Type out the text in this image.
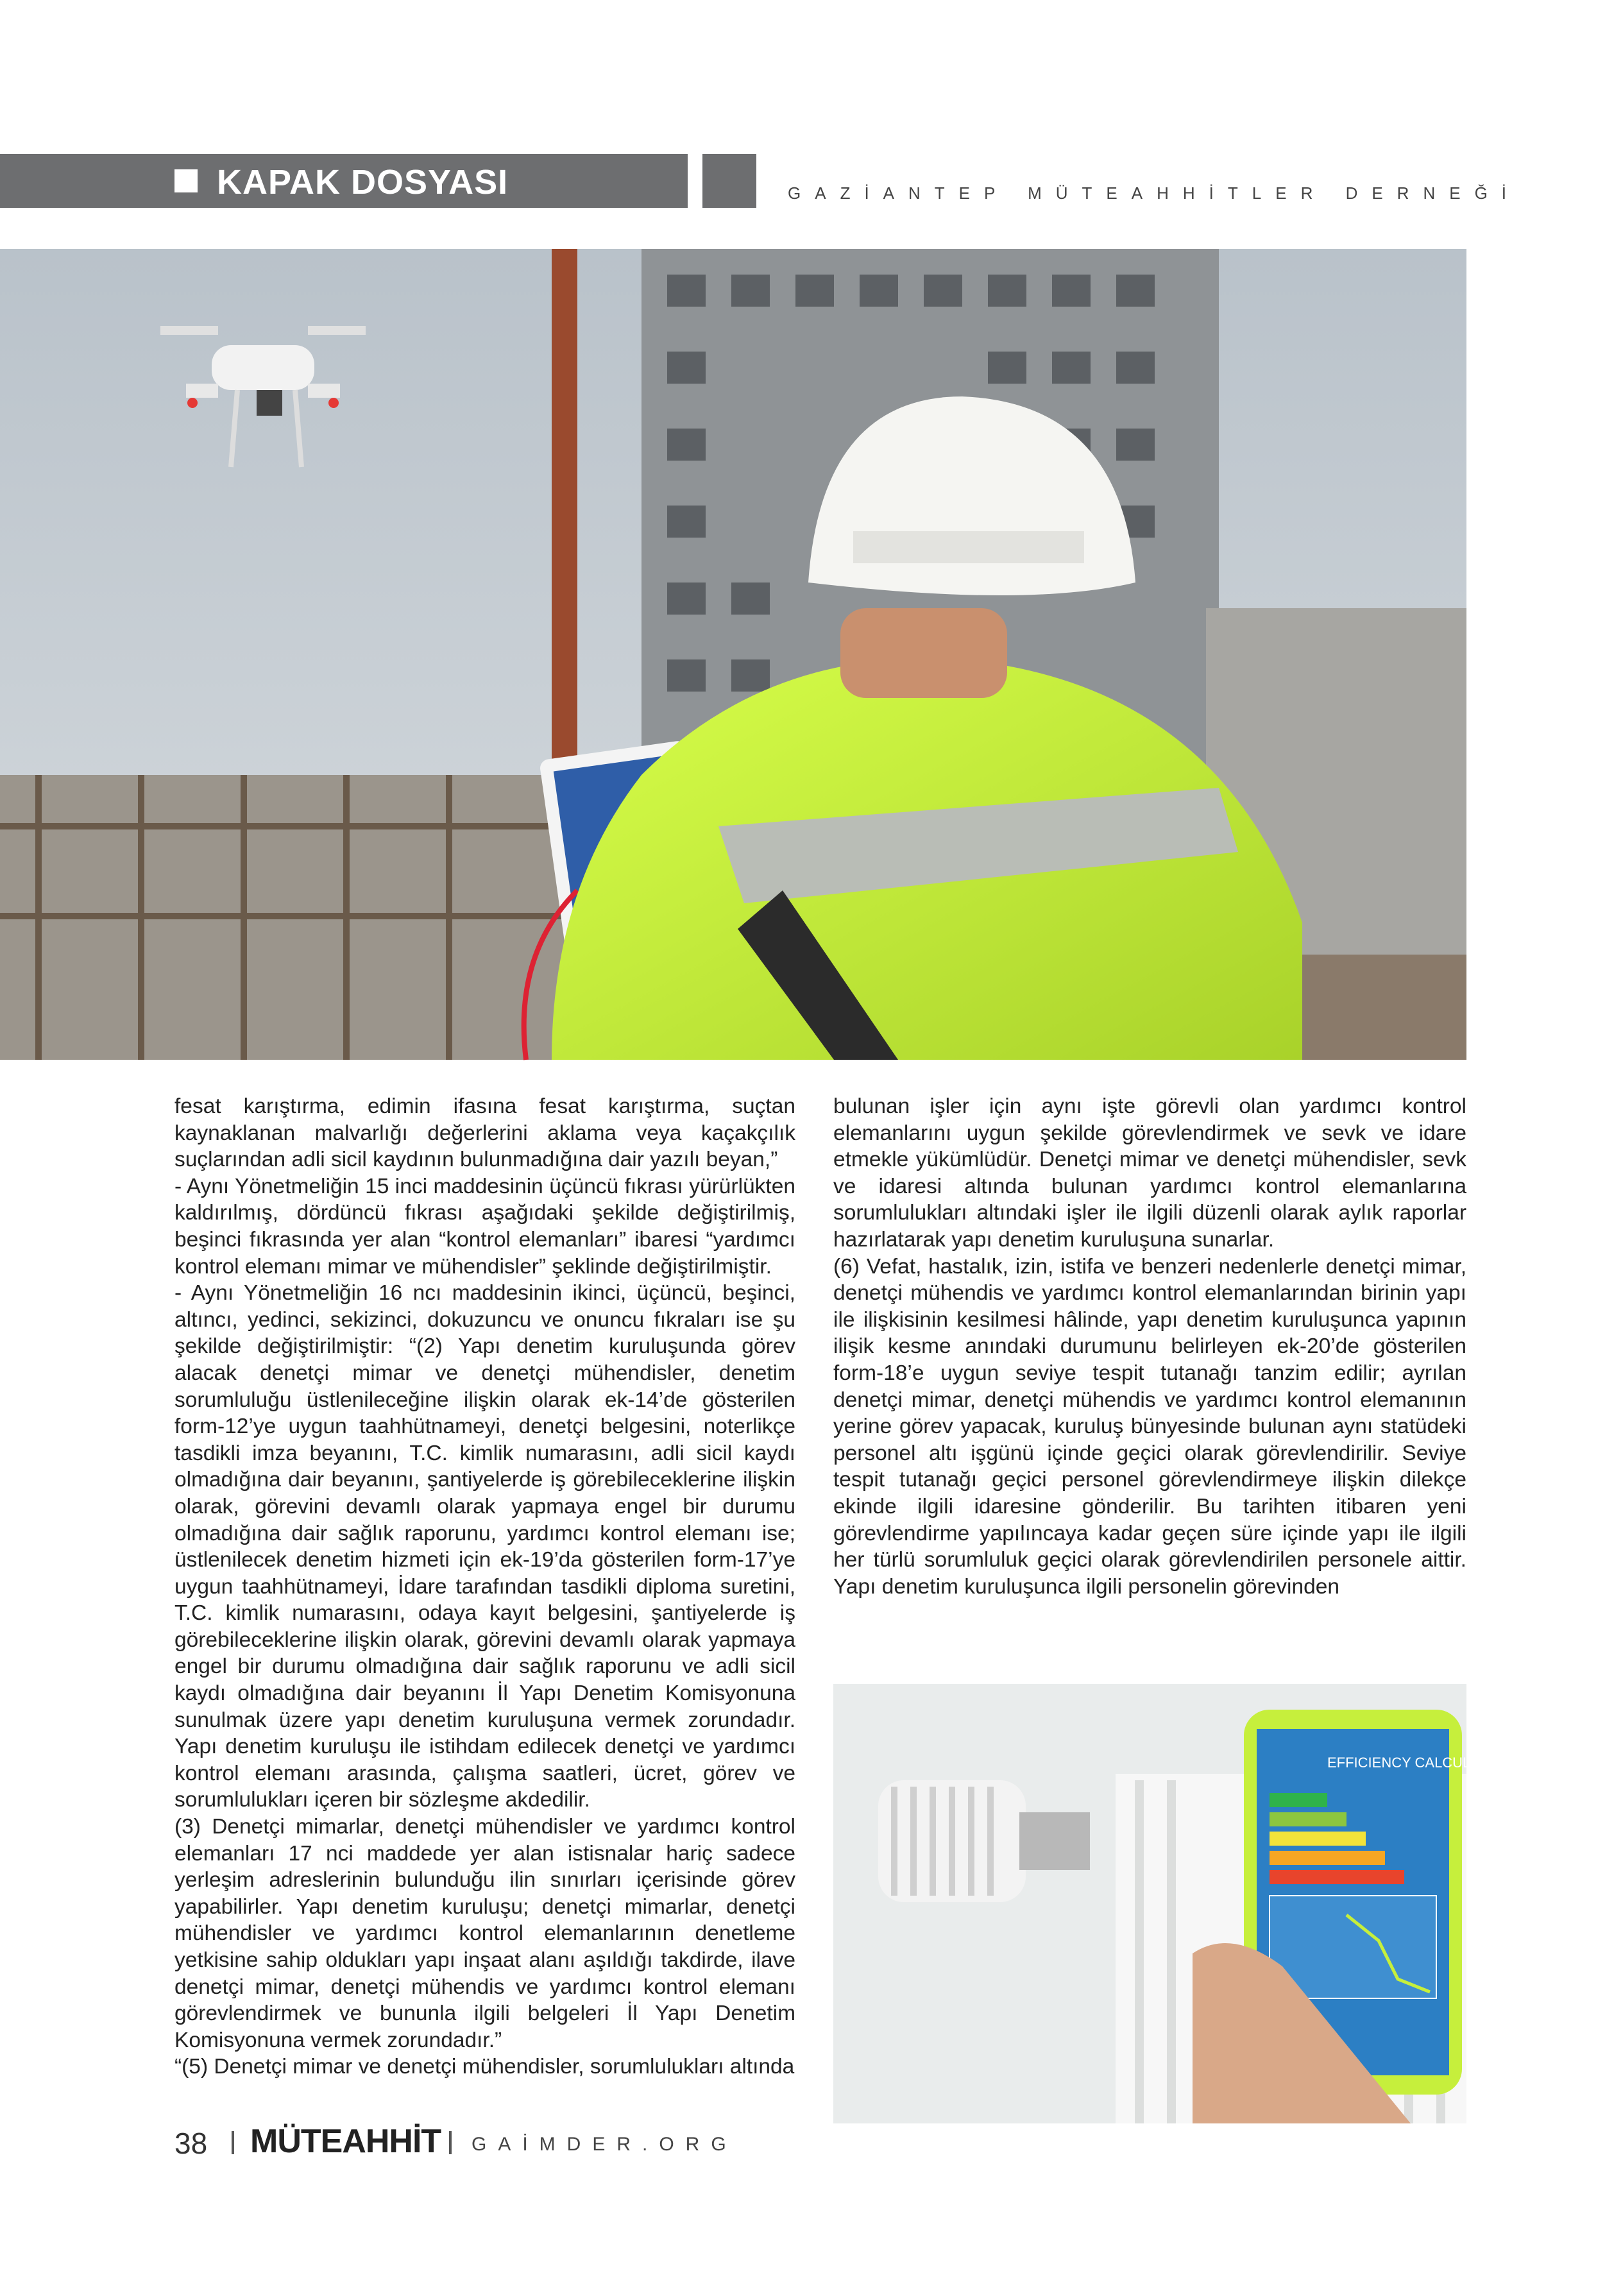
KAPAK DOSYASI	GAZİANTEP MÜTEAHHİTLER DERNEĞİ

fesat karıştırma, edimin ifasına fesat karıştırma, suçtan kaynaklanan malvarlığı değerlerini aklama veya kaçakçılık suçlarından adli sicil kaydının bulunmadığına dair yazılı beyan,”

- Aynı Yönetmeliğin 15 inci maddesinin üçüncü fıkrası yürürlükten kaldırılmış, dördüncü fıkrası aşağıdaki şekilde değiştirilmiş, beşinci fıkrasında yer alan “kontrol elemanları” ibaresi “yardımcı kontrol elemanı mimar ve mühendisler” şeklinde değiştirilmiştir.

- Aynı Yönetmeliğin 16 ncı maddesinin ikinci, üçüncü, beşinci, altıncı, yedinci, sekizinci, dokuzuncu ve onuncu fıkraları ise şu şekilde değiştirilmiştir: “(2) Yapı denetim kuruluşunda görev alacak denetçi mimar ve denetçi mühendisler, denetim sorumluluğu üstlenileceğine ilişkin olarak ek-14’de gösterilen form-12’ye uygun taahhütnameyi, denetçi belgesini, noterlikçe tasdikli imza beyanını, T.C. kimlik numarasını, adli sicil kaydı olmadığına dair beyanını, şantiyelerde iş görebileceklerine ilişkin olarak, görevini devamlı olarak yapmaya engel bir durumu olmadığına dair sağlık raporunu, yardımcı kontrol elemanı ise; üstlenilecek denetim hizmeti için ek-19’da gösterilen form-17’ye uygun taahhütnameyi, İdare tarafından tasdikli diploma suretini, T.C. kimlik numarasını, odaya kayıt belgesini, şantiyelerde iş görebileceklerine ilişkin olarak, görevini devamlı olarak yapmaya engel bir durumu olmadığına dair sağlık raporunu ve adli sicil kaydı olmadığına dair beyanını İl Yapı Denetim Komisyonuna sunulmak üzere yapı denetim kuruluşuna vermek zorundadır. Yapı denetim kuruluşu ile istihdam edilecek denetçi ve yardımcı kontrol elemanı arasında, çalışma saatleri, ücret, görev ve sorumlulukları içeren bir sözleşme akdedilir.

(3) Denetçi mimarlar, denetçi mühendisler ve yardımcı kontrol elemanları 17 nci maddede yer alan istisnalar hariç sadece yerleşim adreslerinin bulunduğu ilin sınırları içerisinde görev yapabilirler. Yapı denetim kuruluşu; denetçi mimarlar, denetçi mühendisler ve yardımcı kontrol elemanlarının denetleme yetkisine sahip oldukları yapı inşaat alanı aşıldığı takdirde, ilave denetçi mimar, denetçi mühendis ve yardımcı kontrol elemanı görevlendirmek ve bununla ilgili belgeleri İl Yapı Denetim Komisyonuna vermek zorundadır.”

“(5) Denetçi mimar ve denetçi mühendisler, sorumlulukları altında

bulunan işler için aynı işte görevli olan yardımcı kontrol elemanlarını uygun şekilde görevlendirmek ve sevk ve idare etmekle yükümlüdür. Denetçi mimar ve denetçi mühendisler, sevk ve idaresi altında bulunan yardımcı kontrol elemanlarına sorumlulukları altındaki işler ile ilgili düzenli olarak aylık raporlar hazırlatarak yapı denetim kuruluşuna sunarlar.

(6) Vefat, hastalık, izin, istifa ve benzeri nedenlerle denetçi mimar, denetçi mühendis ve yardımcı kontrol elemanlarından birinin yapı ile ilişkisinin kesilmesi hâlinde, yapı denetim kuruluşunca yapının ilişik kesme anındaki durumunu belirleyen ek-20’de gösterilen form-18’e uygun seviye tespit tutanağı tanzim edilir; ayrılan denetçi mimar, denetçi mühendis ve yardımcı kontrol elemanının yerine görev yapacak, kuruluş bünyesinde bulunan aynı statüdeki personel altı işgünü içinde geçici olarak görevlendirilir. Seviye tespit tutanağı geçici personel görevlendirmeye ilişkin dilekçe ekinde ilgili idaresine gönderilir. Bu tarihten itibaren yeni görevlendirme yapılıncaya kadar geçen süre içinde yapı ile ilgili her türlü sorumluluk geçici olarak görevlendirilen personele aittir. Yapı denetim kuruluşunca ilgili personelin görevinden

EFFICIENCY CALCULATOR
38 MÜTEAHHİT GAİMDER.ORG
